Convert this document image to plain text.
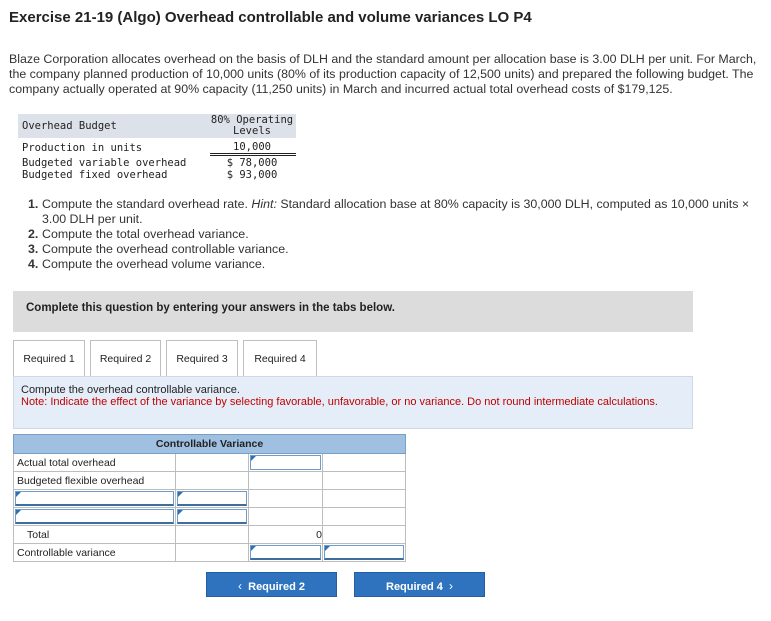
Exercise 21-19 (Algo) Overhead controllable and volume variances LO P4
Blaze Corporation allocates overhead on the basis of DLH and the standard amount per allocation base is 3.00 DLH per unit. For March, the company planned production of 10,000 units (80% of its production capacity of 12,500 units) and prepared the following budget. The company actually operated at 90% capacity (11,250 units) in March and incurred actual total overhead costs of $179,125.
Overhead Budget	80% Operating
Levels
Production in units	10,000
Budgeted variable overhead	$ 78,000
Budgeted fixed overhead	$ 93,000
1. Compute the standard overhead rate. Hint: Standard allocation base at 80% capacity is 30,000 DLH, computed as 10,000 units × 3.00 DLH per unit.
2. Compute the total overhead variance.
3. Compute the overhead controllable variance.
4. Compute the overhead volume variance.
Complete this question by entering your answers in the tabs below.
Required 1	Required 2	Required 3	Required 4
Compute the overhead controllable variance.
Note: Indicate the effect of the variance by selecting favorable, unfavorable, or no variance. Do not round intermediate calculations.
Controllable Variance			
Actual total overhead		

Budgeted flexible overhead			

Total		0	
Controllable variance		

‹ Required 2	Required 4 ›
